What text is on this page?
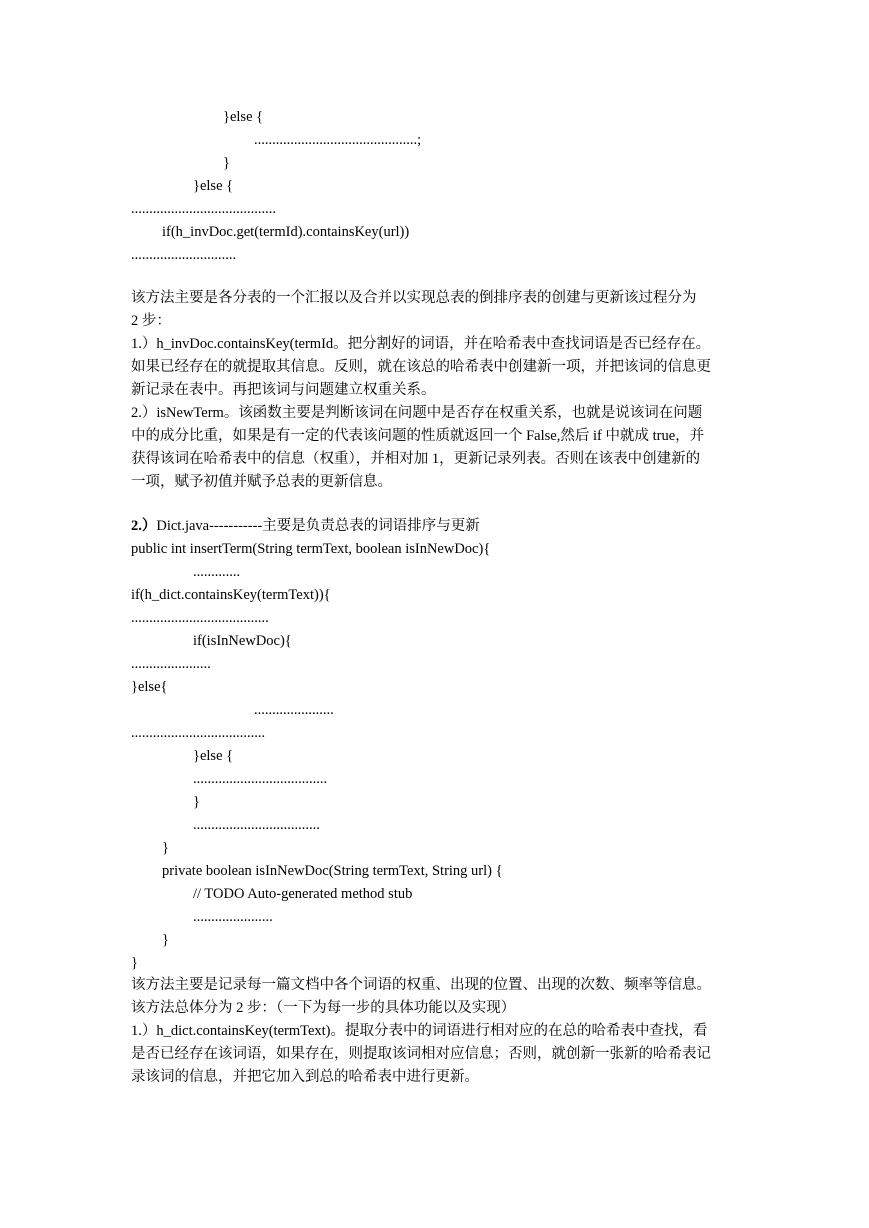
}else {
.............................................;
}
}else {
........................................
if(h_invDoc.get(termId).containsKey(url))
.............................
该方法主要是各分表的一个汇报以及合并以实现总表的倒排序表的创建与更新该过程分为
2 步：
1.）h_invDoc.containsKey(termId。把分割好的词语，并在哈希表中查找词语是否已经存在。
如果已经存在的就提取其信息。反则，就在该总的哈希表中创建新一项，并把该词的信息更
新记录在表中。再把该词与问题建立权重关系。
2.）isNewTerm。该函数主要是判断该词在问题中是否存在权重关系，也就是说该词在问题
中的成分比重，如果是有一定的代表该问题的性质就返回一个 False,然后 if 中就成 true，并
获得该词在哈希表中的信息（权重），并相对加 1，更新记录列表。否则在该表中创建新的
一项，赋予初值并赋予总表的更新信息。
2.）Dict.java-----------主要是负责总表的词语排序与更新
public int insertTerm(String termText, boolean isInNewDoc){
.............
if(h_dict.containsKey(termText)){
......................................
if(isInNewDoc){
......................
}else{
......................
.....................................
}else {
.....................................
}
...................................
}
private boolean isInNewDoc(String termText, String url) {
// TODO Auto-generated method stub
......................
}
}
该方法主要是记录每一篇文档中各个词语的权重、出现的位置、出现的次数、频率等信息。
该方法总体分为 2 步：（一下为每一步的具体功能以及实现）
1.）h_dict.containsKey(termText)。提取分表中的词语进行相对应的在总的哈希表中查找，看
是否已经存在该词语，如果存在，则提取该词相对应信息；否则，就创新一张新的哈希表记
录该词的信息，并把它加入到总的哈希表中进行更新。
